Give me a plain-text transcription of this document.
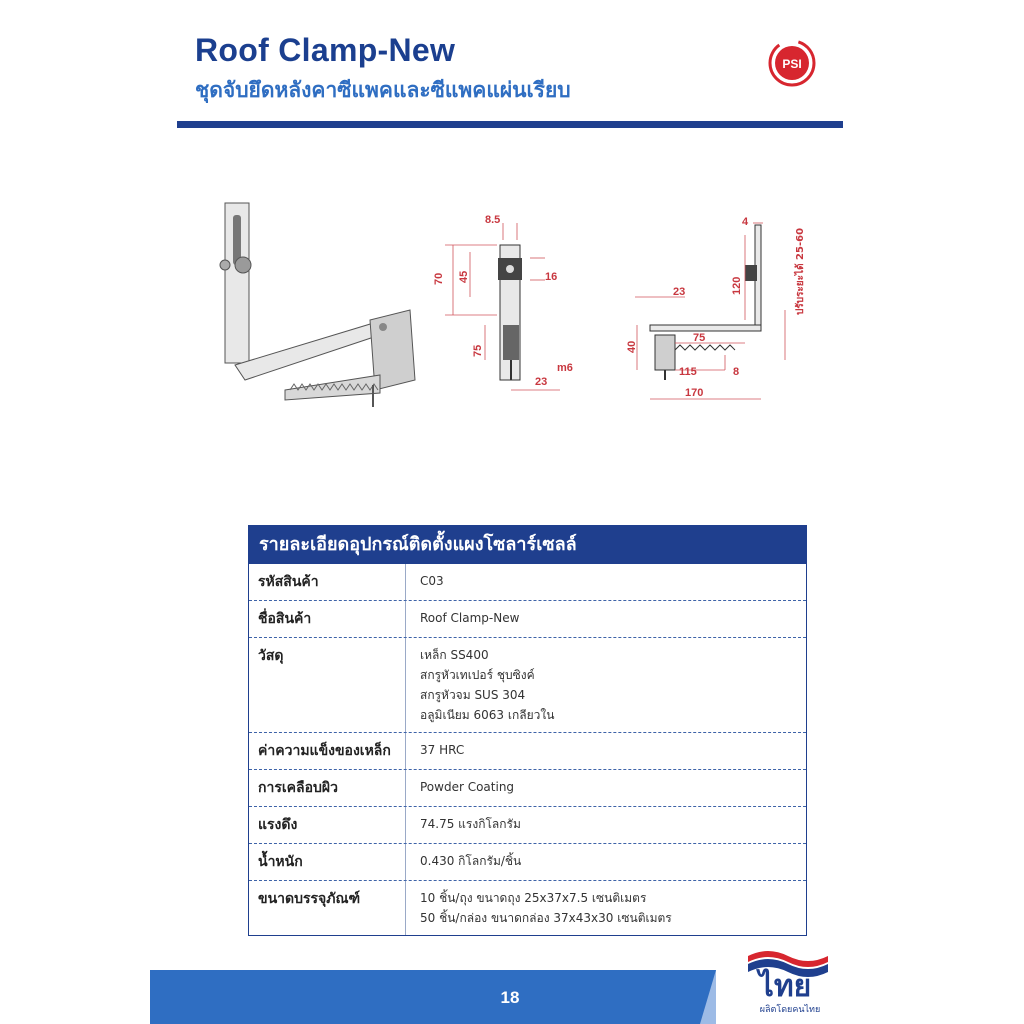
Roof Clamp-New
ชุดจับยึดหลังคาซีแพคและซีแพคแผ่นเรียบ
PSI
8.5
70 45	16
75
m6
23
4
120
23
40
75
115	8
170
ปรับระยะได้ 25-60
รายละเอียดอุปกรณ์ติดตั้งแผงโซลาร์เซลล์
รหัสสินค้า	C03
ชื่อสินค้า	Roof Clamp-New
วัสดุ	เหล็ก SS400
สกรูหัวเทเปอร์ ชุบซิงค์
สกรูหัวจม SUS 304
อลูมิเนียม 6063 เกลียวใน
ค่าความแข็งของเหล็ก	37 HRC
การเคลือบผิว	Powder Coating
แรงดึง	74.75 แรงกิโลกรัม
น้ำหนัก	0.430 กิโลกรัม/ชิ้น
ขนาดบรรจุภัณฑ์	10 ชิ้น/ถุง ขนาดถุง 25x37x7.5 เซนติเมตร
50 ชิ้น/กล่อง ขนาดกล่อง 37x43x30 เซนติเมตร
18	ไทย
ผลิตโดยคนไทย
